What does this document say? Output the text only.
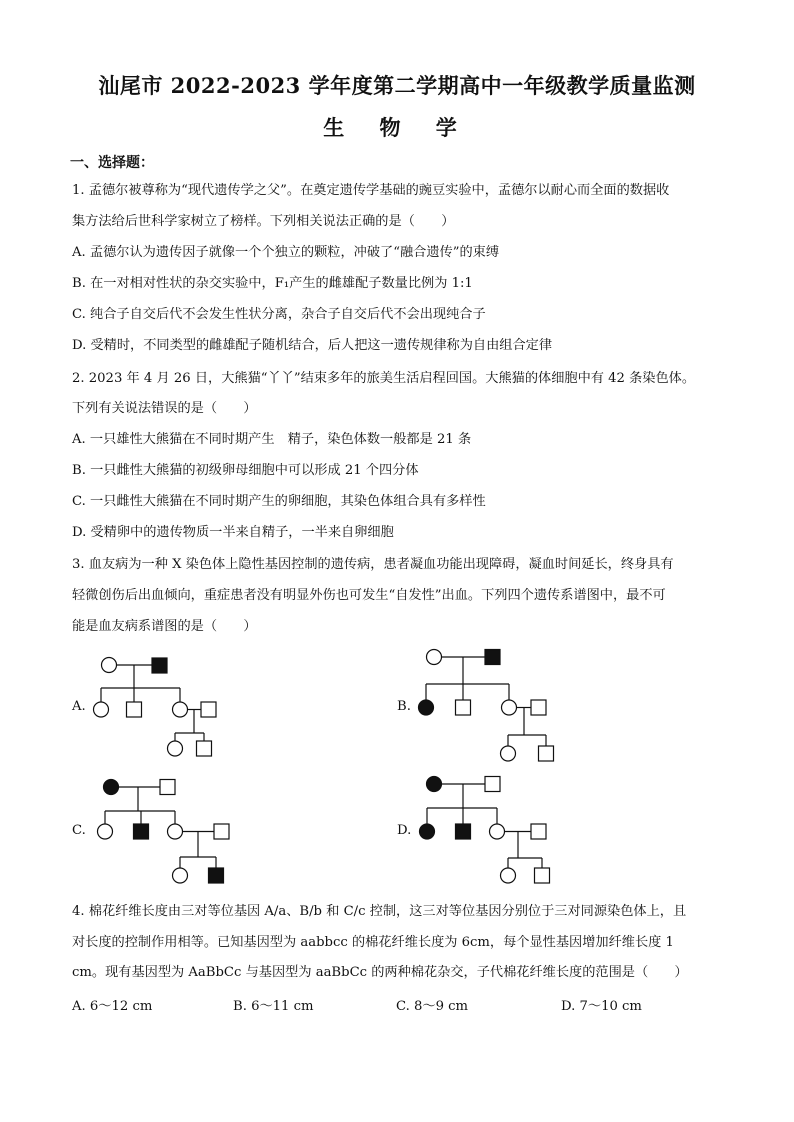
汕尾市 2022-2023 学年度第二学期高中一年级教学质量监测
生 物 学
一、选择题：
1. 孟德尔被尊称为“现代遗传学之父”。在奠定遗传学基础的豌豆实验中，孟德尔以耐心而全面的数据收
集方法给后世科学家树立了榜样。下列相关说法正确的是（　　）
A. 孟德尔认为遗传因子就像一个个独立的颗粒，冲破了“融合遗传”的束缚
B. 在一对相对性状的杂交实验中，F₁产生的雌雄配子数量比例为 1:1
C. 纯合子自交后代不会发生性状分离，杂合子自交后代不会出现纯合子
D. 受精时，不同类型的雌雄配子随机结合，后人把这一遗传规律称为自由组合定律
2. 2023 年 4 月 26 日，大熊猫“丫丫”结束多年的旅美生活启程回国。大熊猫的体细胞中有 42 条染色体。
下列有关说法错误的是（　　）
A. 一只雄性大熊猫在不同时期产生　精子，染色体数一般都是 21 条
B. 一只雌性大熊猫的初级卵母细胞中可以形成 21 个四分体
C. 一只雌性大熊猫在不同时期产生的卵细胞，其染色体组合具有多样性
D. 受精卵中的遗传物质一半来自精子，一半来自卵细胞
3. 血友病为一种 X 染色体上隐性基因控制的遗传病，患者凝血功能出现障碍，凝血时间延长，终身具有
轻微创伤后出血倾向，重症患者没有明显外伤也可发生“自发性”出血。下列四个遗传系谱图中，最不可
能是血友病系谱图的是（　　）
A.	B.
C.	D.
4. 棉花纤维长度由三对等位基因 A/a、B/b 和 C/c 控制，这三对等位基因分别位于三对同源染色体上，且
对长度的控制作用相等。已知基因型为 aabbcc 的棉花纤维长度为 6cm，每个显性基因增加纤维长度 1
cm。现有基因型为 AaBbCc 与基因型为 aaBbCc 的两种棉花杂交，子代棉花纤维长度的范围是（　　）
A. 6～12 cm	B. 6～11 cm	C. 8～9 cm	D. 7～10 cm
